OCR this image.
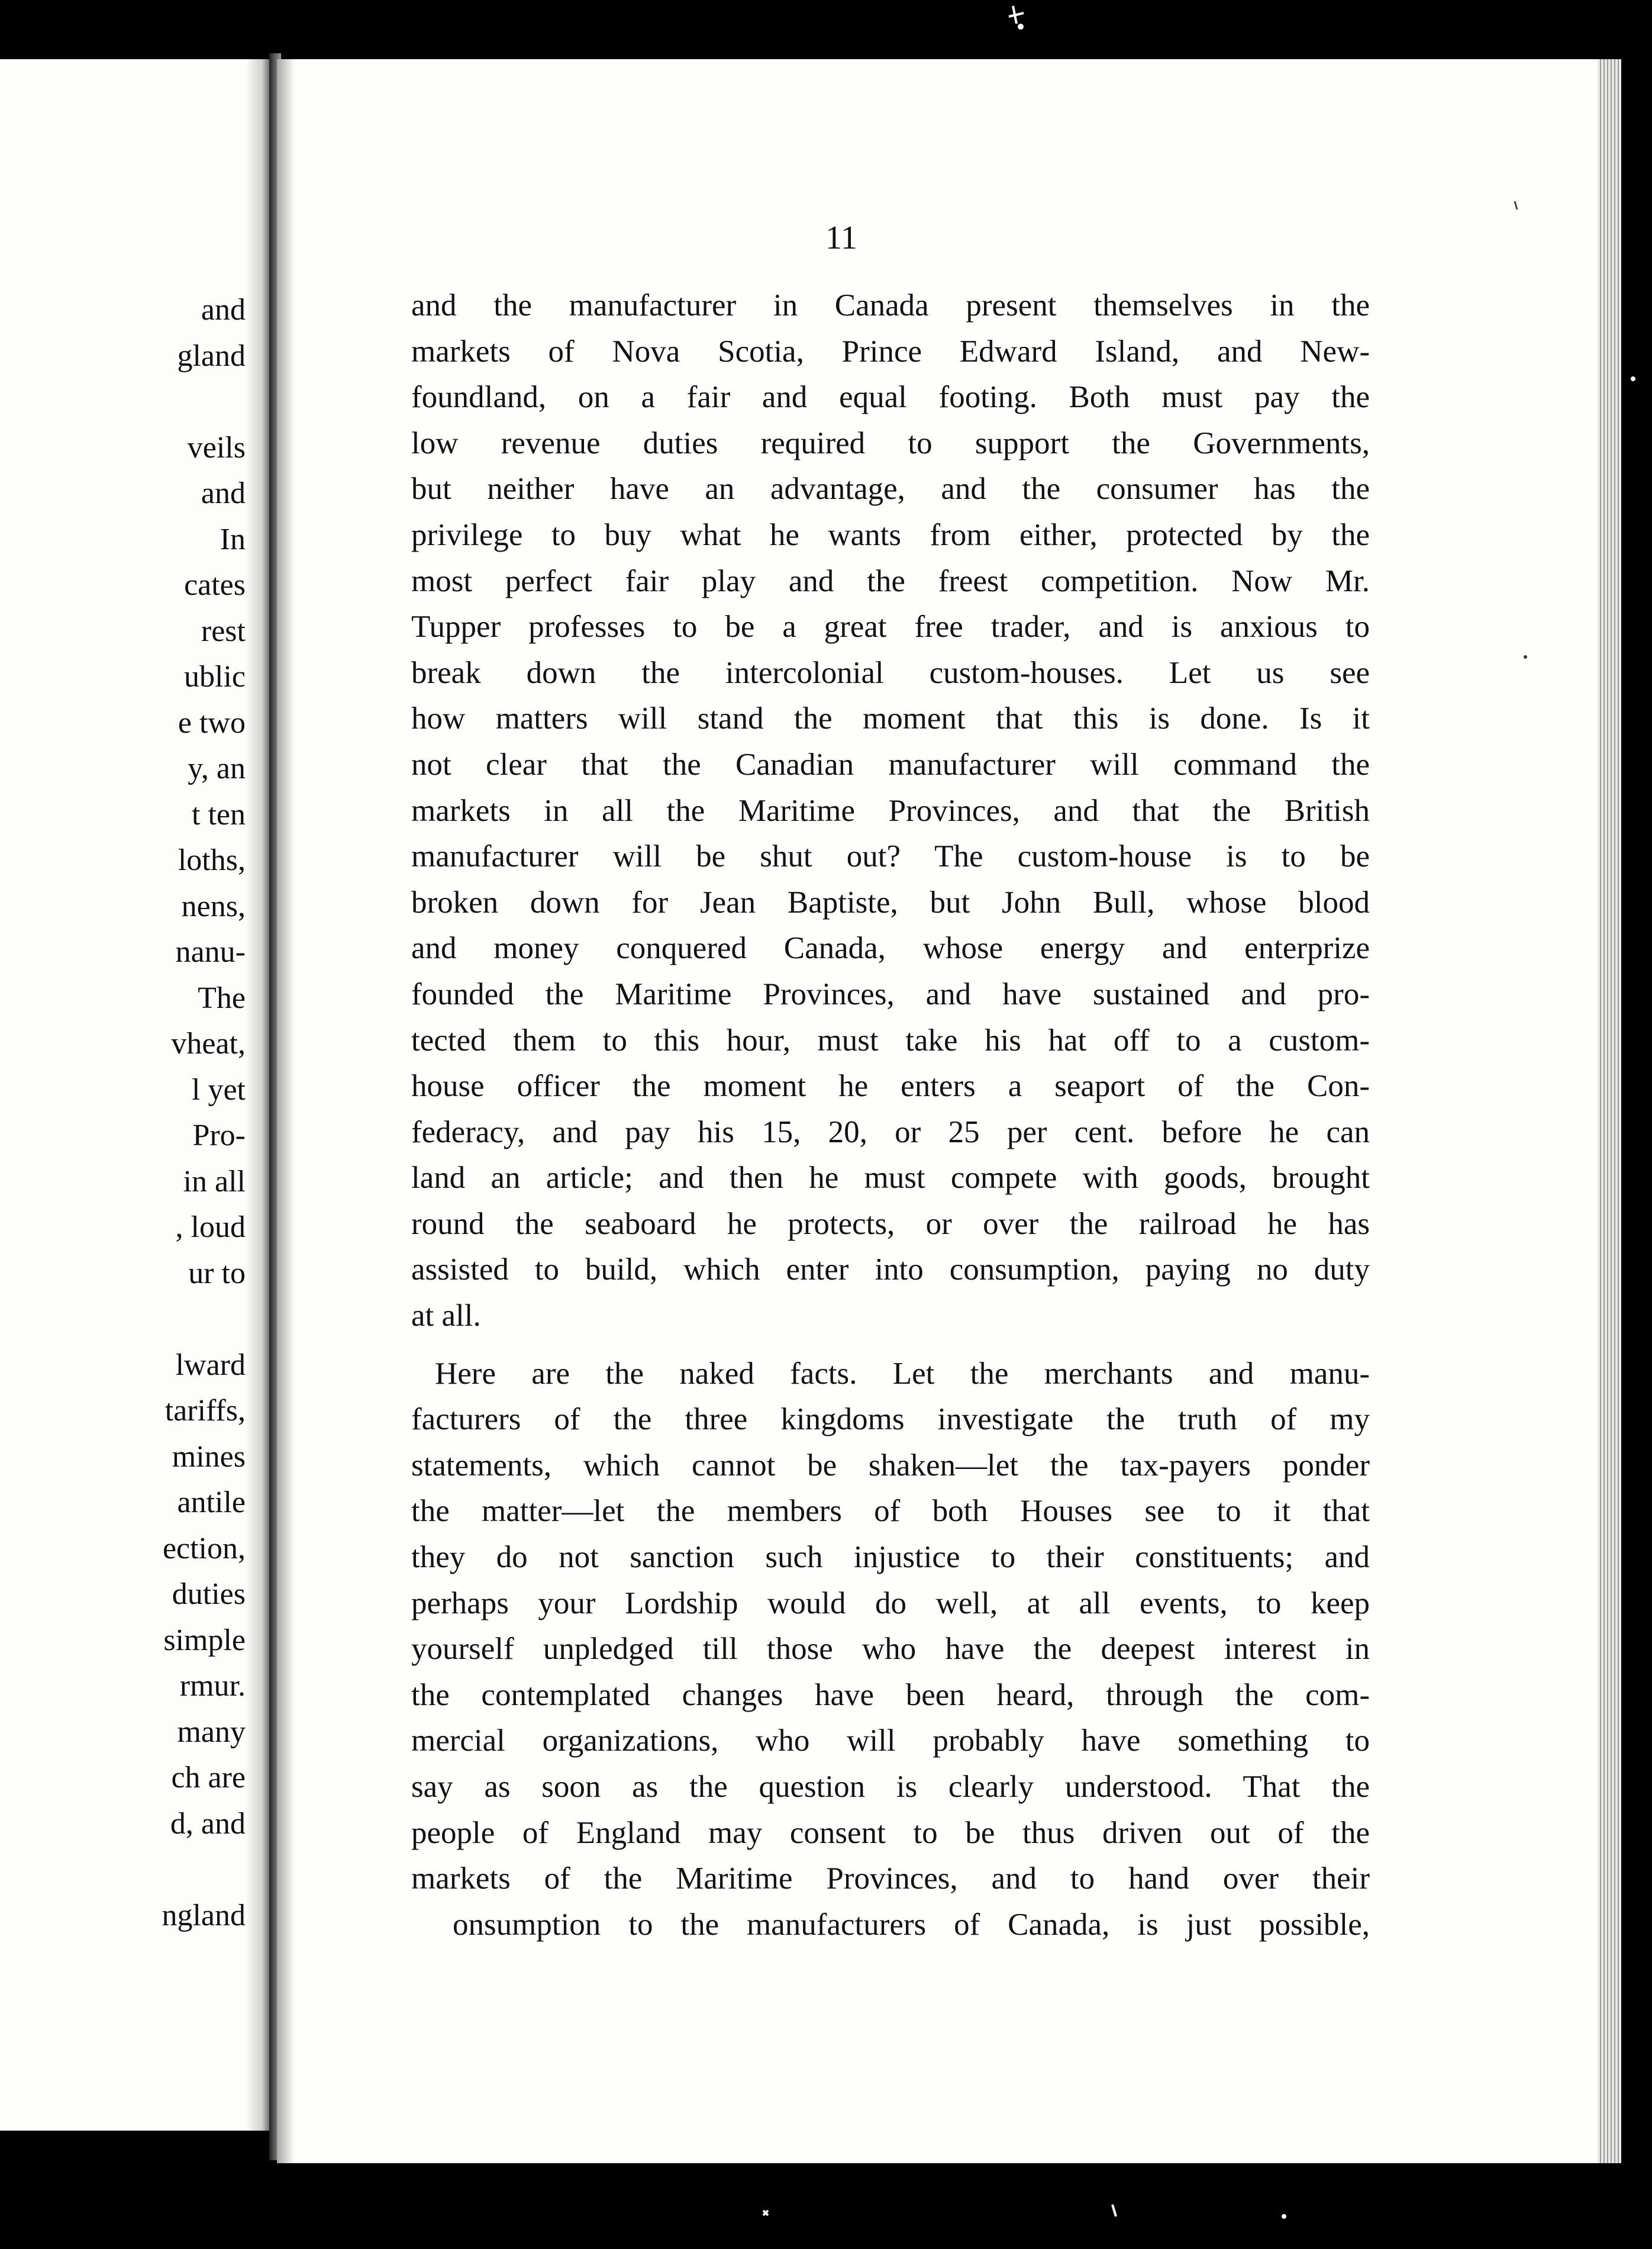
and
gland
veils
and
In
cates
rest
ublic
e two
y, an
t ten
loths,
nens,
nanu-
The
vheat,
l yet
Pro-
in all
, loud
ur to
lward
tariffs,
mines
antile
ection,
duties
simple
rmur.
many
ch are
d, and
ngland
11
and the manufacturer in Canada present themselves in the
markets of Nova Scotia, Prince Edward Island, and New-
foundland, on a fair and equal footing. Both must pay the
low revenue duties required to support the Governments,
but neither have an advantage, and the consumer has the
privilege to buy what he wants from either, protected by the
most perfect fair play and the freest competition. Now Mr.
Tupper professes to be a great free trader, and is anxious to
break down the intercolonial custom-houses. Let us see
how matters will stand the moment that this is done. Is it
not clear that the Canadian manufacturer will command the
markets in all the Maritime Provinces, and that the British
manufacturer will be shut out? The custom-house is to be
broken down for Jean Baptiste, but John Bull, whose blood
and money conquered Canada, whose energy and enterprize
founded the Maritime Provinces, and have sustained and pro-
tected them to this hour, must take his hat off to a custom-
house officer the moment he enters a seaport of the Con-
federacy, and pay his 15, 20, or 25 per cent. before he can
land an article; and then he must compete with goods, brought
round the seaboard he protects, or over the railroad he has
assisted to build, which enter into consumption, paying no duty
at all.
Here are the naked facts. Let the merchants and manu-
facturers of the three kingdoms investigate the truth of my
statements, which cannot be shaken—let the tax-payers ponder
the matter—let the members of both Houses see to it that
they do not sanction such injustice to their constituents; and
perhaps your Lordship would do well, at all events, to keep
yourself unpledged till those who have the deepest interest in
the contemplated changes have been heard, through the com-
mercial organizations, who will probably have something to
say as soon as the question is clearly understood. That the
people of England may consent to be thus driven out of the
markets of the Maritime Provinces, and to hand over their
onsumption to the manufacturers of Canada, is just possible,
